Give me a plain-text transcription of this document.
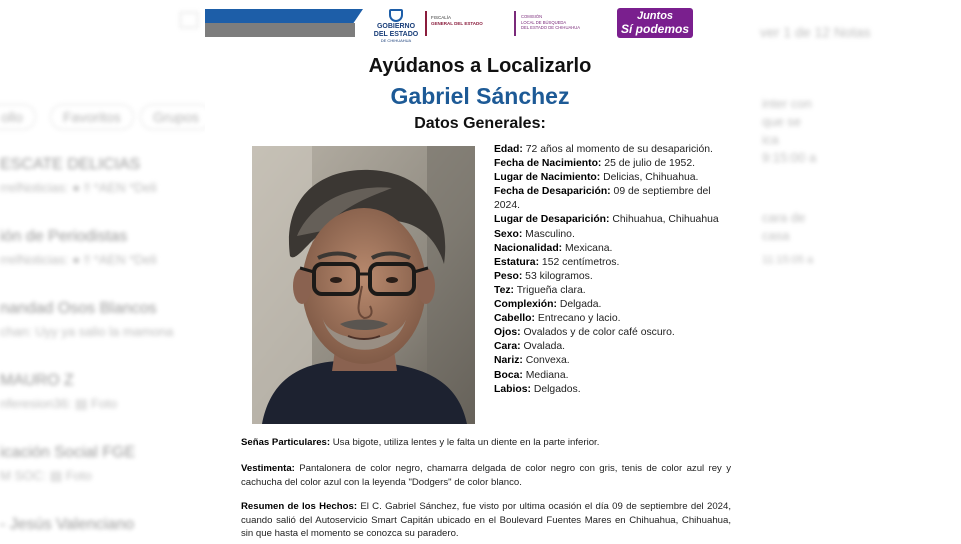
ollo	Favoritos	Grupos
ESCATE DELICIAS
rrelNoticias: ● ‼ *AEN *Deli
ión de Periodistas
rrelNoticias: ● ‼ *AEN *Deli
nandad Osos Blancos
chan: Uyy ya salio la mamona
MAURO Z
nferesion36: ▤ Foto
icación Social FGE
M SOC: ▤ Foto
- Jesús Valenciano
ver 1 de 12 Notas
inter con
que se
ica
9:15:00 a
cara de
casa
11:15:05 a
GOBIERNO
DEL ESTADO
DE CHIHUAHUA
FISCALÍA
GENERAL DEL ESTADO
COMISIÓN
LOCAL DE BÚSQUEDA
DEL ESTADO DE CHIHUAHUA
Juntos
Sí podemos
Ayúdanos a Localizarlo
Gabriel Sánchez
Datos Generales:
Edad: 72 años al momento de su desaparición.
Fecha de Nacimiento: 25 de julio de 1952.
Lugar de Nacimiento: Delicias, Chihuahua.
Fecha de Desaparición: 09 de septiembre del 2024.
Lugar de Desaparición: Chihuahua, Chihuahua
Sexo: Masculino.
Nacionalidad: Mexicana.
Estatura: 152 centímetros.
Peso: 53 kilogramos.
Tez: Trigueña clara.
Complexión: Delgada.
Cabello: Entrecano y lacio.
Ojos: Ovalados y de color café oscuro.
Cara: Ovalada.
Nariz: Convexa.
Boca: Mediana.
Labios: Delgados.
Señas Particulares: Usa bigote, utiliza lentes y le falta un diente en la parte inferior.
Vestimenta: Pantalonera de color negro, chamarra delgada de color negro con gris, tenis de color azul rey y cachucha del color azul con la leyenda "Dodgers" de color blanco.
Resumen de los Hechos: El C. Gabriel Sánchez, fue visto por ultima ocasión el día 09 de septiembre del 2024, cuando salió del Autoservicio Smart Capitán ubicado en el Boulevard Fuentes Mares en Chihuahua, Chihuahua, sin que hasta el momento se conozca su paradero.
